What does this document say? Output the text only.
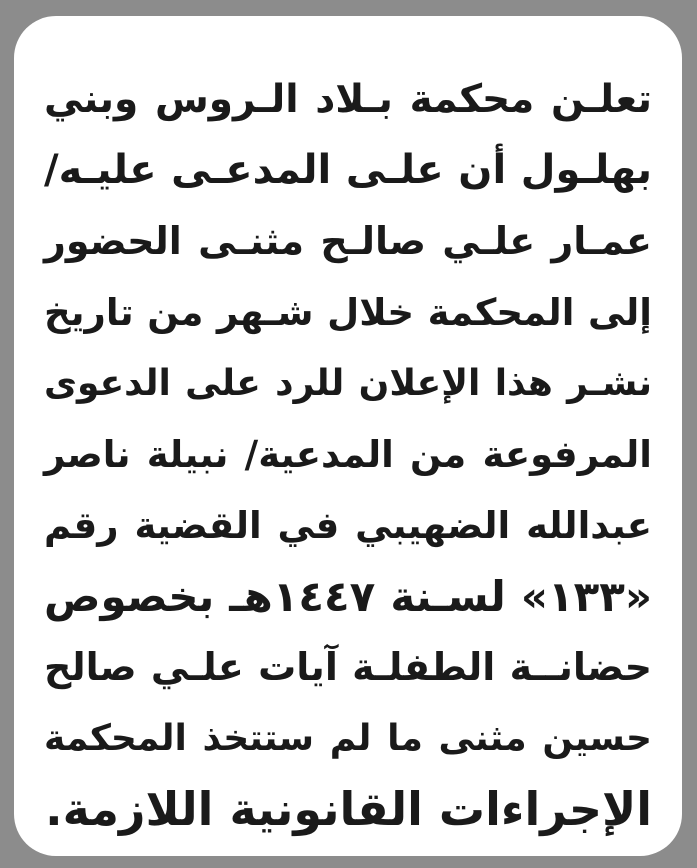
تعلـن محكمة بـلاد الـروس وبني
بهلـول أن علـى المدعـى عليـه/
عمـار علـي صالـح مثنـى الحضور
إلى المحكمة خلال شـهر من تاريخ
نشـر هذا الإعلان للرد على الدعوى
المرفوعة من المدعية/ نبيلة ناصر
عبدالله الضهيبي في القضية رقم
«١٣٣» لسـنة ١٤٤٧هـ بخصوص
حضانــة الطفلـة آيات علـي صالح
حسين مثنى ما لم ستتخذ المحكمة
الإجراءات القانونية اللازمة.
